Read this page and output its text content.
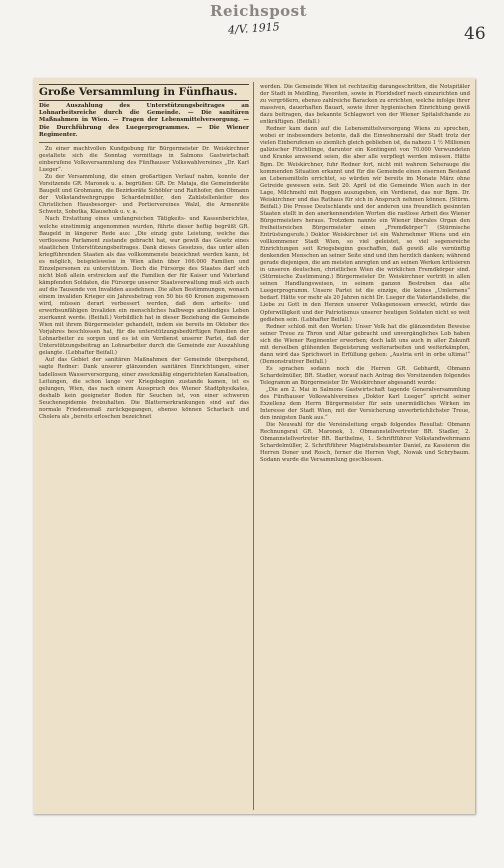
Reichspost
4/V. 1915	46
Große Versammlung in Fünfhaus.
Die Auszahlung des Unterstützungsbeitrages an Lohnarbeitsreiche durch die Gemeinde. — Die sanitären Maßnahmen in Wien. — Fragen der Lebensmittelversorgung. — Die Durchführung des Luegerprogrammes. — Die Wiener Regimenter.

Zu einer machtvollen Kundgebung für Bürgermeister Dr. Weiskirchner gestaltete sich die Sonntag vormittags in Salmons Gastwirtschaft einberufene Volksversammlung des Fünfhauser Volkswahlvereines „Dr. Karl Lueger“.

Zu der Versammlung, die einen großartigen Verlauf nahm, konnte der Vorsitzende GR. Maronek u. a. begrüßen: GR. Dr. Mataja, die Gemeinderäte Baugelt und Grohmann, die Bezirksräte Schöbler und Raithofer, den Obmann der Volkstandwehrgruppe Schardelmüller, den Zahlstellenleiter des Christlichen Hausbesorger- und Portiervereines Walzl, die Armenräte Schwetz, Sobotka, Klausehuk u. v. a.

Nach Erstattung eines umfangreichen Tätigkeits- und Kassenberichtes, welche einstimmig angenommen wurden, führte dieser heftig begrüßt GR. Baugeld in längerer Rede aus: „Die einzig gute Leistung, welche das verflossene Parlament zustande gebracht hat, war gewiß das Gesetz eines staatlichen Unterstützungsbeitrages. Dank dieses Gesetzes, das unter allen kriegführenden Staaten als das vollkommenste bezeichnet werden kann, ist es möglich, beispielsweise in Wien allein über 166.000 Familien und Einzelpersonen zu unterstützen. Doch die Fürsorge des Staates darf sich nicht bloß allein erstrecken auf die Familien der für Kaiser und Vaterland kämpfenden Soldaten, die Fürsorge unserer Staatsverwaltung muß sich auch auf die Tausende von Invaliden ausdehnen. Die alten Bestimmungen, wonach einem invaliden Krieger ein Jahresbetrag von 50 bis 60 Kronen zugemessen wird, müssen derart verbessert werden, daß dem arbeits- und erwerbsunfähigen Invaliden ein menschliches halbwegs anständiges Leben zuerkannt werde. (Beifall.) Vorbildlich hat in dieser Beziehung die Gemeinde Wien mit ihrem Bürgermeister gehandelt, indem sie bereits im Oktober des Vorjahres beschlossen hat, für die unterstützungsbedürftigen Familien der Lohnarbeiter zu sorgen und es ist ein Verdienst unserer Partei, daß der Unterstützungsbeitrag an Lohnarbeiter durch die Gemeinde zur Auszahlung gelangte. (Lebhafter Beifall.)

Auf das Gebiet der sanitären Maßnahmen der Gemeinde übergehend, sagte Redner: Dank unserer glänzenden sanitären Einrichtungen, einer tadellosen Wasserversorgung, einer zweckmäßig eingerichteten Kanalisation, Leitungen, die schon lange vor Kriegsbeginn zustande kamen, ist es gelungen, Wien, das nach einem Ausspruch des Wiener Stadtphysikates, deshalb kein geeigneter Boden für Seuchen ist, von einer schweren Seuchenepidemie freizuhalten. Die Blatternerkrankungen sind auf das normale Friedensmaß zurückgegangen, ebenso können Scharlach und Cholera als „bereits erloschen bezeichnet

werden. Die Gemeinde Wien ist rechtzeitig darangeschritten, die Notspitäler der Stadt in Meidling, Favoriten, sowie in Floridsdorf rasch einzurichten und zu vergrößern, ebenso zahlreiche Baracken zu errichten, welche infolge ihrer massiven, dauerhaften Bauart, sowie ihrer hygienischen Einrichtung gewiß dazu beitragen, das bekannte Schlagwort von der Wiener Spitalsfchande zu entkräftigen. (Beifall.)

Redner kam dann auf die Lebensmittelversorgung Wiens zu sprechen, wobei er insbesonders betonte, daß die Einwohnerzahl der Stadt trotz der vielen Einberufenen so ziemlich gleich geblieben ist, da nahezu 1 ½ Millionen galizischer Flüchtlinge, darunter ein Kontingent von 70.000 Verwundeten und Kranke anwesend seien, die aber alle verpflegt werden müssen. Hätte Bgm. Dr. Weiskirchner, fuhr Redner fort, nicht mit wahrem Seherauge die kommenden Situation erkannt und für die Gemeinde einen eisernen Bestand an Lebensmitteln errichtet, so würden wir bereits im Monate März ohne Getreide gewesen sein. Seit 20. April ist die Gemeinde Wien auch in der Lage, Milchmehl mit Roggen auszugeben, ein Verdienst, das nur Bgm. Dr. Weiskirchner und das Rathaus für sich in Anspruch nehmen können. (Stürm. Beifall.) Die Presse Deutschlands und der anderen uns freundlich gesinnten Staaten stellt in den anerkennendsten Worten die rastlose Arbeit des Wiener Bürgermeisters heraus. Trotzdem nannte ein Wiener liberales Organ den freiheitsreichen Bürgermeister einen „Fremdkörper“! (Stürmische Entrüstungsrufe.) Doktor Weiskirchner ist ein Wahrnehmer Wiens und ein vollkommener Stadt Wien, so viel geleistet, so viel segensreiche Einrichtungen seit Kriegsbeginn geschaffen, daß gewiß alle vernünftig denkenden Menschen an seiner Seite sind und ihm herzlich danken; während gerade diejenigen, die am meisten anregten und an seinen Werken kritisieren in unseren deutschen, christlichen Wien die wirklichen Fremdkörper sind. (Stürmische Zustimmung.) Bürgermeister Dr. Weiskirchner vertritt in allen seinen Handlungsweisen, in seinem ganzen Bestreben das alte Luegerprogramm. Unsere Partei ist die einzige, die keines „Umlernens“ bedarf. Hätte vor mehr als 20 Jahren nicht Dr. Lueger die Vaterlandsliebe, die Liebe zu Gott in den Herzen unserer Volksgenossen erweckt, würde das Opferwilligkeit und der Patriotismus unserer heutigen Soldaten nicht so weit gediehen sein. (Lebhafter Beifall.)

Redner schloß mit den Worten: Unser Volk hat die glänzendsten Beweise seiner Treue zu Thron und Altar gebracht und unvergängliches Lob haben sich die Wiener Regimenter erworben; doch laßt uns auch in aller Zukunft mit derselben glühenden Begeisterung weiterarbeiten und weiterkämpfen, dann wird das Sprichwort in Erfüllung gehen: „Austria erit in orbe ultima!“ (Demonstrativer Beifall.)

Es sprachen sodann noch die Herren GR. Gebhardt, Obmann Schardelmüller, BR. Stadler, worauf nach Antrag des Vorsitzenden folgendes Telegramm an Bürgermeister Dr. Weiskirchner abgesandt wurde:

„Die am 2. Mai in Salmons Gastwirtschaft tagende Generalversammlung des Fünfhauser Volkswahlvereines „Doktor Karl Lueger“ spricht seiner Exzellenz dem Herrn Bürgermeister für sein unermüdliches Wirken im Interesse der Stadt Wien, mit der Versicherung unverbrüchlichster Treue, den innigsten Dank aus.“

Die Neuwahl für die Vereinsleitung ergab folgendes Resultat: Obmann Rechnungsrat GR. Maronek, 1. Obmannstellvertreter BR. Stadler, 2. Obmannstellvertreter BR. Barthelme, 1. Schriftführer Volkstandwehrmann Schardelmüller, 2. Schriftführer Magistratsbeamter Daniel, zu Kassieren die Herren Doner und Rosch, ferner die Herren Vogt, Nowak und Schrybaum. Sodann wurde die Versammlung geschlossen.
